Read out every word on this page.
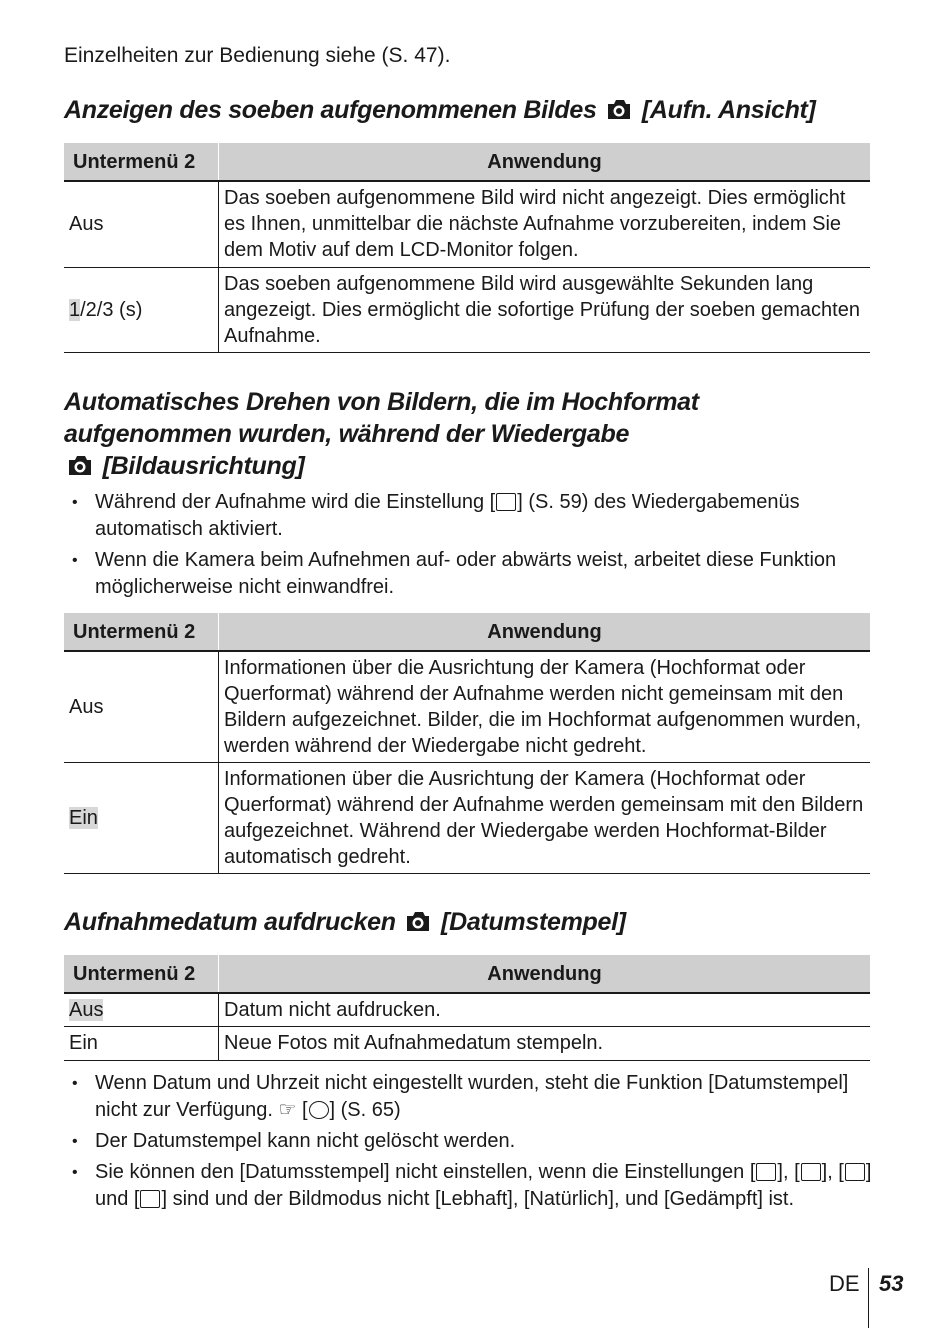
Einzelheiten zur Bedienung siehe (S. 47).
Anzeigen des soeben aufgenommenen Bildes [Aufn. Ansicht]
Untermenü 2	Anwendung
Aus	Das soeben aufgenommene Bild wird nicht angezeigt. Dies ermöglicht es Ihnen, unmittelbar die nächste Aufnahme vorzubereiten, indem Sie dem Motiv auf dem LCD-Monitor folgen.
1/2/3 (s)	Das soeben aufgenommene Bild wird ausgewählte Sekunden lang angezeigt. Dies ermöglicht die sofortige Prüfung der soeben gemachten Aufnahme.
Automatisches Drehen von Bildern, die im Hochformat
aufgenommen wurden, während der Wiedergabe
[Bildausrichtung]
• Während der Aufnahme wird die Einstellung [ ] (S. 59) des Wiedergabemenüs automatisch aktiviert.
• Wenn die Kamera beim Aufnehmen auf- oder abwärts weist, arbeitet diese Funktion möglicherweise nicht einwandfrei.
Untermenü 2	Anwendung
Aus	Informationen über die Ausrichtung der Kamera (Hochformat oder Querformat) während der Aufnahme werden nicht gemeinsam mit den Bildern aufgezeichnet. Bilder, die im Hochformat aufgenommen wurden, werden während der Wiedergabe nicht gedreht.
Ein	Informationen über die Ausrichtung der Kamera (Hochformat oder Querformat) während der Aufnahme werden gemeinsam mit den Bildern aufgezeichnet. Während der Wiedergabe werden Hochformat-Bilder automatisch gedreht.
Aufnahmedatum aufdrucken [Datumstempel]
Untermenü 2	Anwendung
Aus	Datum nicht aufdrucken.
Ein	Neue Fotos mit Aufnahmedatum stempeln.
• Wenn Datum und Uhrzeit nicht eingestellt wurden, steht die Funktion [Datumstempel] nicht zur Verfügung. ☞ [ ] (S. 65)
• Der Datumstempel kann nicht gelöscht werden.
• Sie können den [Datumsstempel] nicht einstellen, wenn die Einstellungen [ ], [ ], [ ] und [ ] sind und der Bildmodus nicht [Lebhaft], [Natürlich], und [Gedämpft] ist.
DE 53
